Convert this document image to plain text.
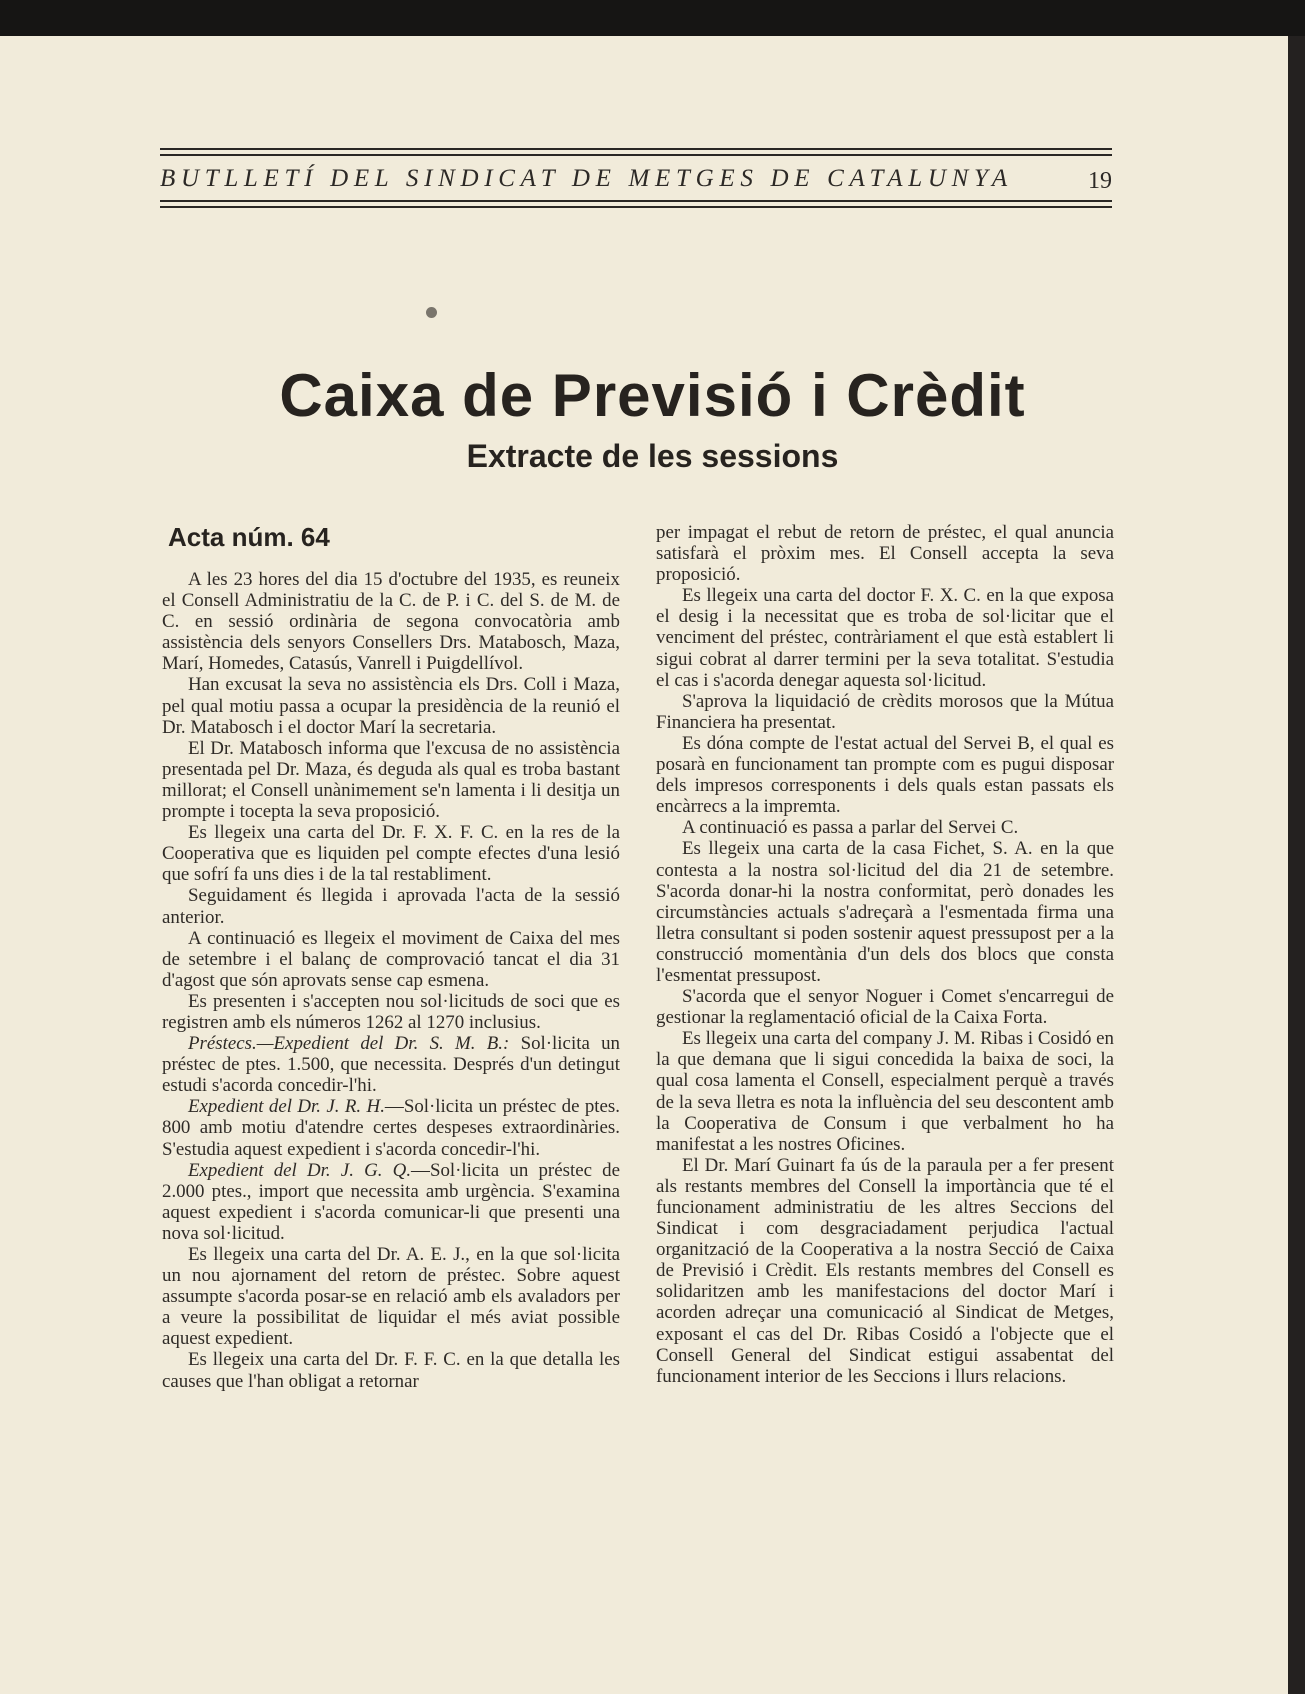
BUTLLETÍ DEL SINDICAT DE METGES DE CATALUNYA	19
Caixa de Previsió i Crèdit
Extracte de les sessions
Acta núm. 64

A les 23 hores del dia 15 d'octubre del 1935, es reuneix el Consell Administratiu de la C. de P. i C. del S. de M. de C. en sessió ordinària de segona convocatòria amb assistència dels senyors Consellers Drs. Matabosch, Maza, Marí, Homedes, Catasús, Vanrell i Puigdellívol.

Han excusat la seva no assistència els Drs. Coll i Maza, pel qual motiu passa a ocupar la presidència de la reunió el Dr. Matabosch i el doctor Marí la secretaria.

El Dr. Matabosch informa que l'excusa de no assistència presentada pel Dr. Maza, és deguda als qual es troba bastant millorat; el Consell unànimement se'n lamenta i li desitja un prompte i tocepta la seva proposició.

Es llegeix una carta del Dr. F. X. F. C. en la res de la Cooperativa que es liquiden pel compte efectes d'una lesió que sofrí fa uns dies i de la tal restabliment.

Seguidament és llegida i aprovada l'acta de la sessió anterior.

A continuació es llegeix el moviment de Caixa del mes de setembre i el balanç de comprovació tancat el dia 31 d'agost que són aprovats sense cap esmena.

Es presenten i s'accepten nou sol·licituds de soci que es registren amb els números 1262 al 1270 inclusius.

Préstecs.—Expedient del Dr. S. M. B.: Sol·licita un préstec de ptes. 1.500, que necessita. Després d'un detingut estudi s'acorda concedir-l'hi.

Expedient del Dr. J. R. H.—Sol·licita un préstec de ptes. 800 amb motiu d'atendre certes despeses extraordinàries. S'estudia aquest expedient i s'acorda concedir-l'hi.

Expedient del Dr. J. G. Q.—Sol·licita un préstec de 2.000 ptes., import que necessita amb urgència. S'examina aquest expedient i s'acorda comunicar-li que presenti una nova sol·licitud.

Es llegeix una carta del Dr. A. E. J., en la que sol·licita un nou ajornament del retorn de préstec. Sobre aquest assumpte s'acorda posar-se en relació amb els avaladors per a veure la possibilitat de liquidar el més aviat possible aquest expedient.

Es llegeix una carta del Dr. F. F. C. en la que detalla les causes que l'han obligat a retornar

per impagat el rebut de retorn de préstec, el qual anuncia satisfarà el pròxim mes. El Consell accepta la seva proposició.

Es llegeix una carta del doctor F. X. C. en la que exposa el desig i la necessitat que es troba de sol·licitar que el venciment del préstec, contràriament el que està establert li sigui cobrat al darrer termini per la seva totalitat. S'estudia el cas i s'acorda denegar aquesta sol·licitud.

S'aprova la liquidació de crèdits morosos que la Mútua Financiera ha presentat.

Es dóna compte de l'estat actual del Servei B, el qual es posarà en funcionament tan prompte com es pugui disposar dels impresos corresponents i dels quals estan passats els encàrrecs a la impremta.

A continuació es passa a parlar del Servei C.

Es llegeix una carta de la casa Fichet, S. A. en la que contesta a la nostra sol·licitud del dia 21 de setembre. S'acorda donar-hi la nostra conformitat, però donades les circumstàncies actuals s'adreçarà a l'esmentada firma una lletra consultant si poden sostenir aquest pressupost per a la construcció momentània d'un dels dos blocs que consta l'esmentat pressupost.

S'acorda que el senyor Noguer i Comet s'encarregui de gestionar la reglamentació oficial de la Caixa Forta.

Es llegeix una carta del company J. M. Ribas i Cosidó en la que demana que li sigui concedida la baixa de soci, la qual cosa lamenta el Consell, especialment perquè a través de la seva lletra es nota la influència del seu descontent amb la Cooperativa de Consum i que verbalment ho ha manifestat a les nostres Oficines.

El Dr. Marí Guinart fa ús de la paraula per a fer present als restants membres del Consell la importància que té el funcionament administratiu de les altres Seccions del Sindicat i com desgraciadament perjudica l'actual organització de la Cooperativa a la nostra Secció de Caixa de Previsió i Crèdit. Els restants membres del Consell es solidaritzen amb les manifestacions del doctor Marí i acorden adreçar una comunicació al Sindicat de Metges, exposant el cas del Dr. Ribas Cosidó a l'objecte que el Consell General del Sindicat estigui assabentat del funcionament interior de les Seccions i llurs relacions.
